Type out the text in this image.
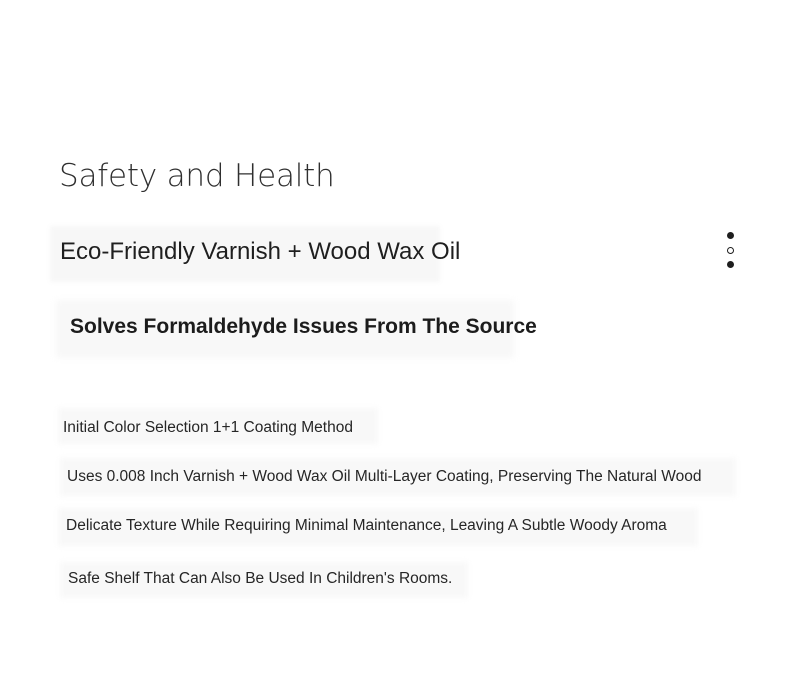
Safety and Health
Eco-Friendly Varnish + Wood Wax Oil
Solves Formaldehyde Issues From The Source

Initial Color Selection 1+1 Coating Method

Uses 0.008 Inch Varnish + Wood Wax Oil Multi-Layer Coating, Preserving The Natural Wood

Delicate Texture While Requiring Minimal Maintenance, Leaving A Subtle Woody Aroma

Safe Shelf That Can Also Be Used In Children's Rooms.
